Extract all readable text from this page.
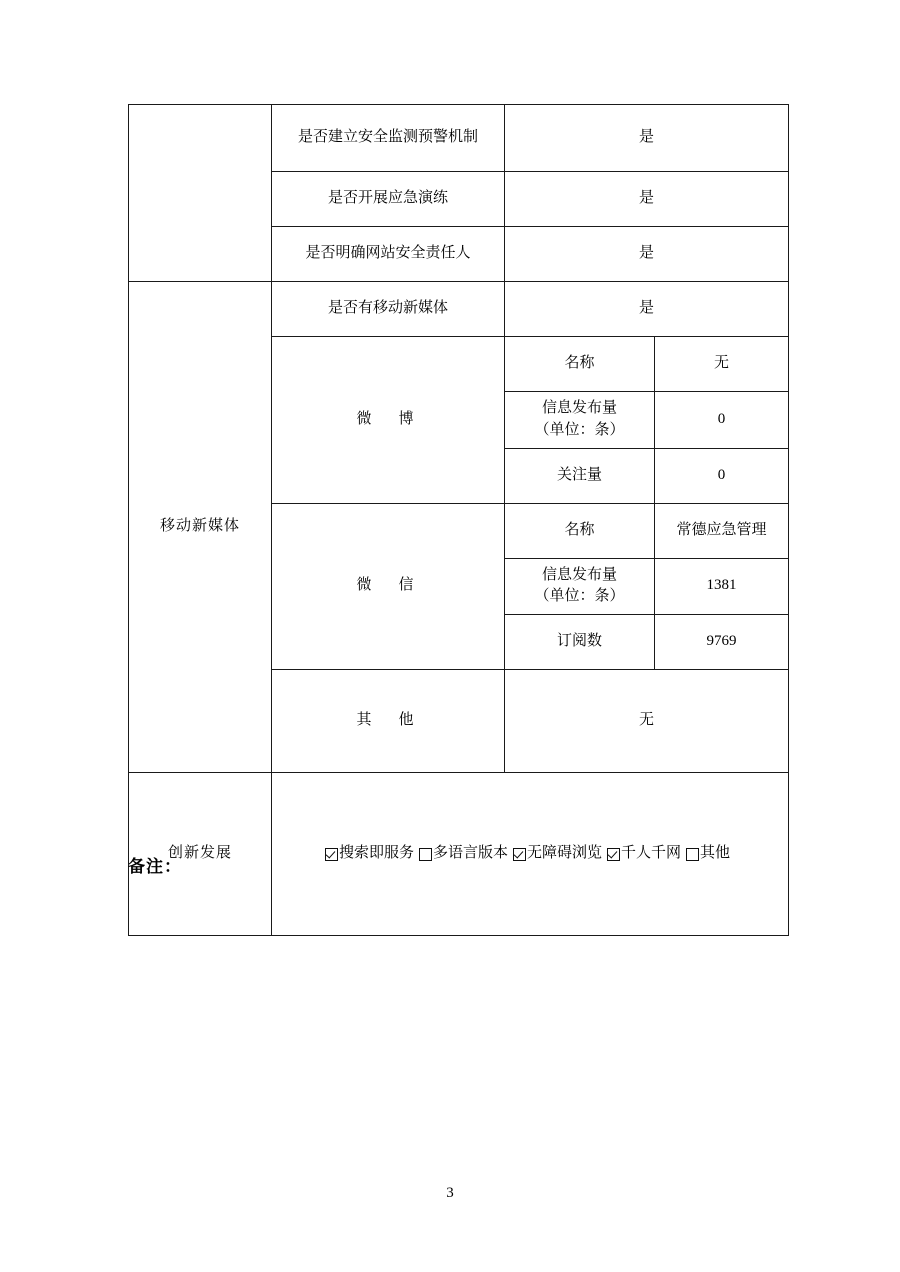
	是否建立安全监测预警机制	是	
	是否开展应急演练	是	
	是否明确网站安全责任人	是	
移动新媒体	是否有移动新媒体	是	
	微　博	名称	无

		信息发布量
（单位：条）	0
		关注量	0
	微　信	名称	常德应急管理

		信息发布量
（单位：条）	1381
		订阅数	9769
	其　他	无	
创新发展	搜索即服务 多语言版本 无障碍浏览 千人千网 其他		
备注：
3
